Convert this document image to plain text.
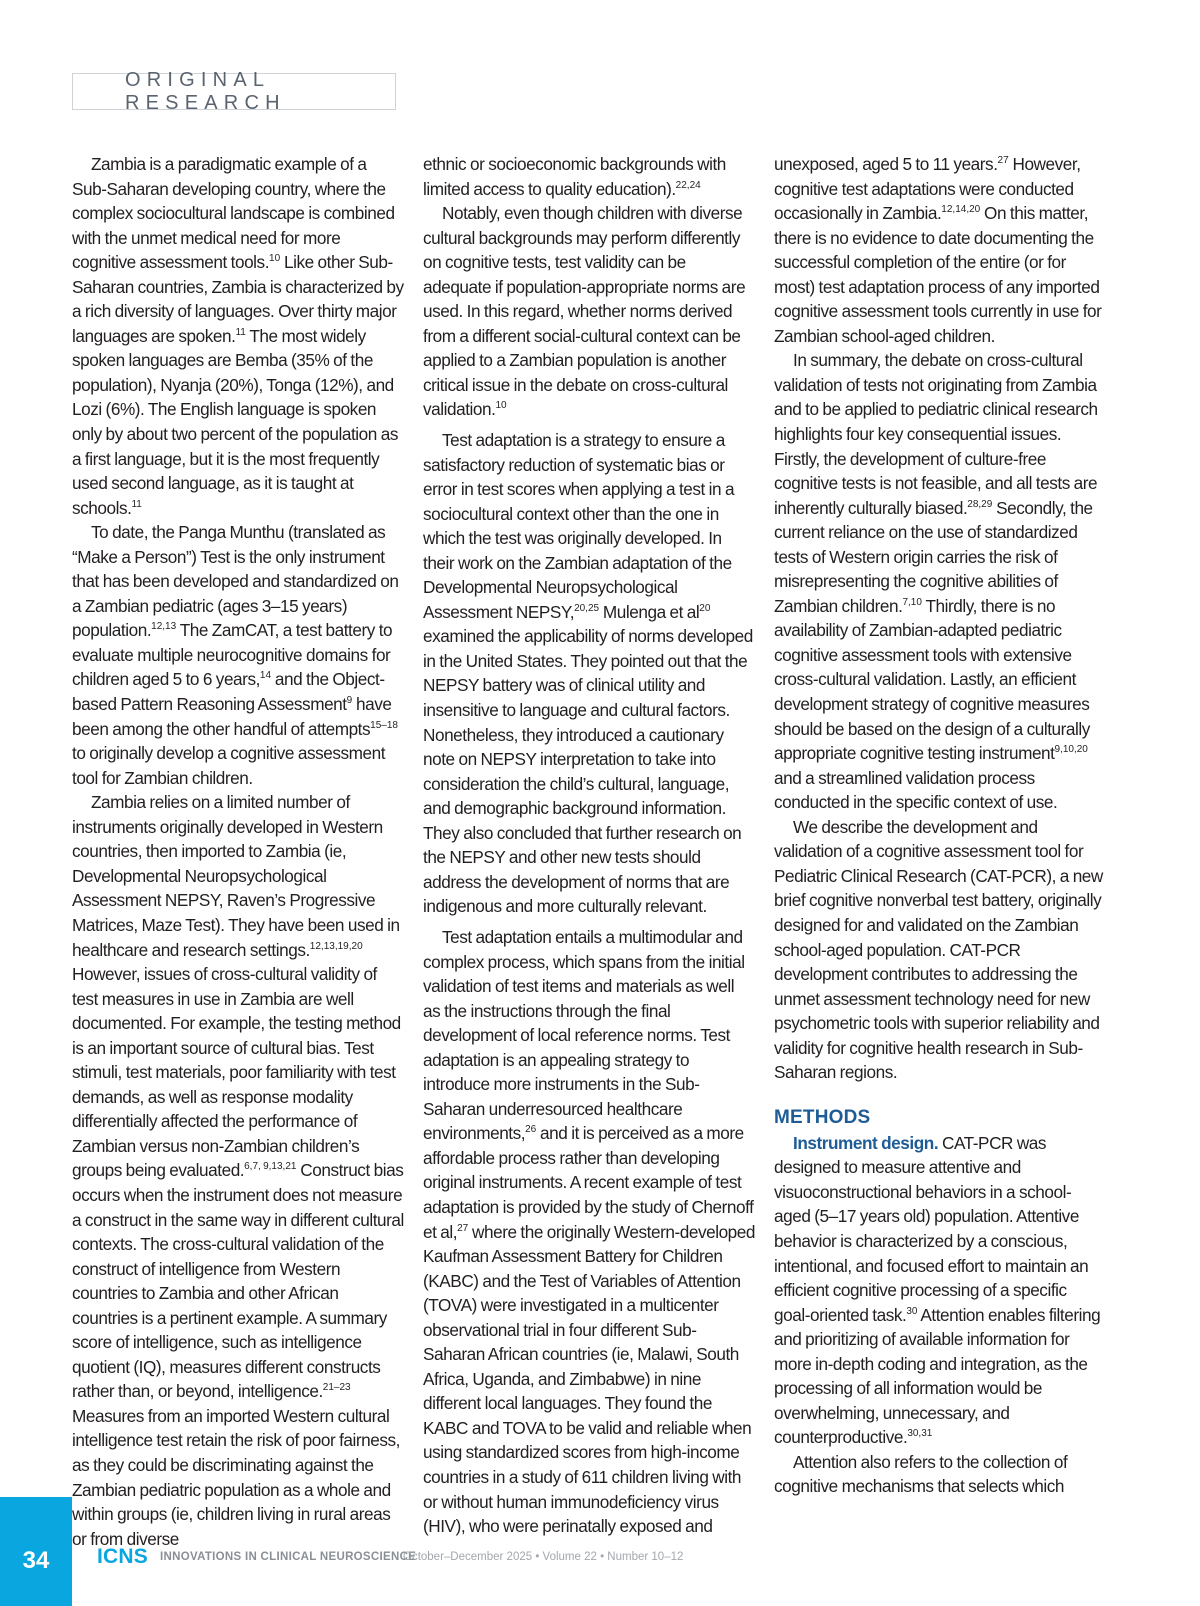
ORIGINAL RESEARCH

Zambia is a paradigmatic example of a Sub-Saharan developing country, where the complex sociocultural landscape is combined with the unmet medical need for more cognitive assessment tools.$^{10}$ Like other Sub-Saharan countries, Zambia is characterized by a rich diversity of languages. Over thirty major languages are spoken.$^{11}$ The most widely spoken languages are Bemba (35% of the population), Nyanja (20%), Tonga (12%), and Lozi (6%). The English language is spoken only by about two percent of the population as a first language, but it is the most frequently used second language, as it is taught at schools.$^{11}$

To date, the Panga Munthu (translated as “Make a Person”) Test is the only instrument that has been developed and standardized on a Zambian pediatric (ages 3–15 years) population.$^{12,13}$ The ZamCAT, a test battery to evaluate multiple neurocognitive domains for children aged 5 to 6 years,$^{14}$ and the Object-based Pattern Reasoning Assessment$^9$ have been among the other handful of attempts$^{15-18}$ to originally develop a cognitive assessment tool for Zambian children.

Zambia relies on a limited number of instruments originally developed in Western countries, then imported to Zambia (ie, Developmental Neuropsychological Assessment NEPSY, Raven’s Progressive Matrices, Maze Test). They have been used in healthcare and research settings.$^{12,13,19,20}$ However, issues of cross-cultural validity of test measures in use in Zambia are well documented. For example, the testing method is an important source of cultural bias. Test stimuli, test materials, poor familiarity with test demands, as well as response modality differentially affected the performance of Zambian versus non-Zambian children’s groups being evaluated.$^{6,7, 9,13,21}$ Construct bias occurs when the instrument does not measure a construct in the same way in different cultural contexts. The cross-cultural validation of the construct of intelligence from Western countries to Zambia and other African countries is a pertinent example. A summary score of intelligence, such as intelligence quotient (IQ), measures different constructs rather than, or beyond, intelligence.$^{21-23}$ Measures from an imported Western cultural intelligence test retain the risk of poor fairness, as they could be discriminating against the Zambian pediatric population as a whole and within groups (ie, children living in rural areas or from diverse

ethnic or socioeconomic backgrounds with limited access to quality education).$^{22,24}$

Notably, even though children with diverse cultural backgrounds may perform differently on cognitive tests, test validity can be adequate if population-appropriate norms are used. In this regard, whether norms derived from a different social-cultural context can be applied to a Zambian population is another critical issue in the debate on cross-cultural validation.$^{10}$

Test adaptation is a strategy to ensure a satisfactory reduction of systematic bias or error in test scores when applying a test in a sociocultural context other than the one in which the test was originally developed. In their work on the Zambian adaptation of the Developmental Neuropsychological Assessment NEPSY,$^{20,25}$ Mulenga et $al^{20}$ examined the applicability of norms developed in the United States. They pointed out that the NEPSY battery was of clinical utility and insensitive to language and cultural factors. Nonetheless, they introduced a cautionary note on NEPSY interpretation to take into consideration the child’s cultural, language, and demographic background information. They also concluded that further research on the NEPSY and other new tests should address the development of norms that are indigenous and more culturally relevant.

Test adaptation entails a multimodular and complex process, which spans from the initial validation of test items and materials as well as the instructions through the final development of local reference norms. Test adaptation is an appealing strategy to introduce more instruments in the Sub-Saharan underresourced healthcare environments,$^{26}$ and it is perceived as a more affordable process rather than developing original instruments. A recent example of test adaptation is provided by the study of Chernoff et al,$^{27}$ where the originally Western-developed Kaufman Assessment Battery for Children (KABC) and the Test of Variables of Attention (TOVA) were investigated in a multicenter observational trial in four different Sub-Saharan African countries (ie, Malawi, South Africa, Uganda, and Zimbabwe) in nine different local languages. They found the KABC and TOVA to be valid and reliable when using standardized scores from high-income countries in a study of 611 children living with or without human immunodeficiency virus (HIV), who were perinatally exposed and

unexposed, aged 5 to 11 years.$^{27}$ However, cognitive test adaptations were conducted occasionally in Zambia.$^{12,14,20}$ On this matter, there is no evidence to date documenting the successful completion of the entire (or for most) test adaptation process of any imported cognitive assessment tools currently in use for Zambian school-aged children.

In summary, the debate on cross-cultural validation of tests not originating from Zambia and to be applied to pediatric clinical research highlights four key consequential issues. Firstly, the development of culture-free cognitive tests is not feasible, and all tests are inherently culturally biased.$^{28,29}$ Secondly, the current reliance on the use of standardized tests of Western origin carries the risk of misrepresenting the cognitive abilities of Zambian children.$^{7,10}$ Thirdly, there is no availability of Zambian-adapted pediatric cognitive assessment tools with extensive cross-cultural validation. Lastly, an efficient development strategy of cognitive measures should be based on the design of a culturally appropriate cognitive testing instrument$^{9,10,20}$ and a streamlined validation process conducted in the specific context of use.

We describe the development and validation of a cognitive assessment tool for Pediatric Clinical Research (CAT-PCR), a new brief cognitive nonverbal test battery, originally designed for and validated on the Zambian school-aged population. CAT-PCR development contributes to addressing the unmet assessment technology need for new psychometric tools with superior reliability and validity for cognitive health research in Sub-Saharan regions.

METHODS

Instrument design. CAT-PCR was designed to measure attentive and visuoconstructional behaviors in a school-aged (5–17 years old) population. Attentive behavior is characterized by a conscious, intentional, and focused effort to maintain an efficient cognitive processing of a specific goal-oriented task.$^{30}$ Attention enables filtering and prioritizing of available information for more in-depth coding and integration, as the processing of all information would be overwhelming, unnecessary, and counterproductive.$^{30,31}$

Attention also refers to the collection of cognitive mechanisms that selects which

34	ICNS INNOVATIONS IN CLINICAL NEUROSCIENCE
October–December 2025 • Volume 22 • Number 10–12
